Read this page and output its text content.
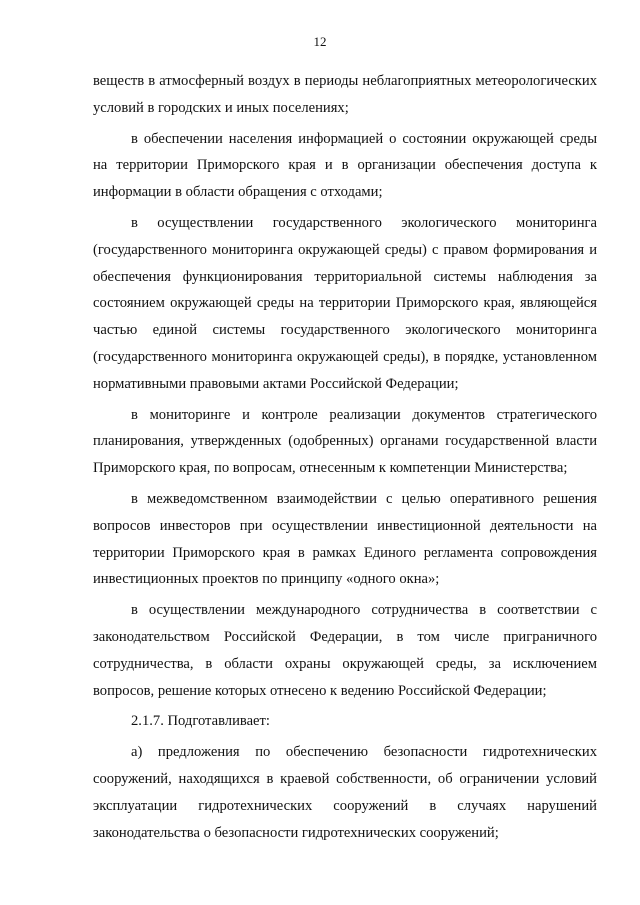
12

веществ в атмосферный воздух в периоды неблагоприятных метеорологических условий в городских и иных поселениях;

в обеспечении населения информацией о состоянии окружающей среды на территории Приморского края и в организации обеспечения доступа к информации в области обращения с отходами;

в осуществлении государственного экологического мониторинга (государственного мониторинга окружающей среды) с правом формирования и обеспечения функционирования территориальной системы наблюдения за состоянием окружающей среды на территории Приморского края, являющейся частью единой системы государственного экологического мониторинга (государственного мониторинга окружающей среды), в порядке, установленном нормативными правовыми актами Российской Федерации;

в мониторинге и контроле реализации документов стратегического планирования, утвержденных (одобренных) органами государственной власти Приморского края, по вопросам, отнесенным к компетенции Министерства;

в межведомственном взаимодействии с целью оперативного решения вопросов инвесторов при осуществлении инвестиционной деятельности на территории Приморского края в рамках Единого регламента сопровождения инвестиционных проектов по принципу «одного окна»;

в осуществлении международного сотрудничества в соответствии с законодательством Российской Федерации, в том числе приграничного сотрудничества, в области охраны окружающей среды, за исключением вопросов, решение которых отнесено к ведению Российской Федерации;

2.1.7. Подготавливает:

а) предложения по обеспечению безопасности гидротехнических сооружений, находящихся в краевой собственности, об ограничении условий эксплуатации гидротехнических сооружений в случаях нарушений законодательства о безопасности гидротехнических сооружений;
